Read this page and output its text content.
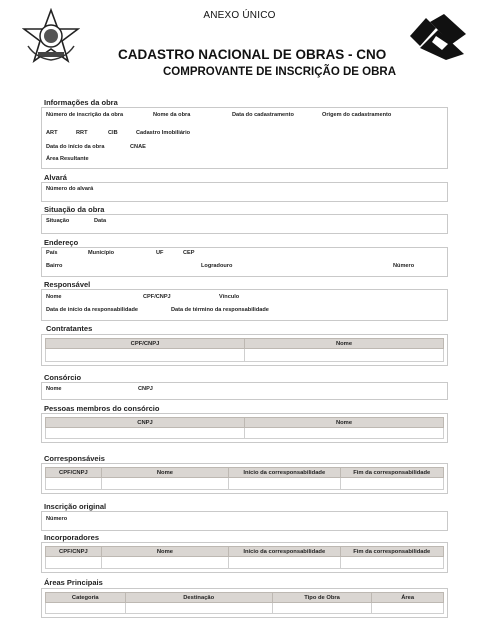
ANEXO ÚNICO
CADASTRO NACIONAL DE OBRAS - CNO
COMPROVANTE DE INSCRIÇÃO DE OBRA
Informações da obra
Número de inscrição da obra	Nome da obra	Data do cadastramento	Origem do cadastramento
ART	RRT	CIB	Cadastro Imobiliário
Data do início da obra	CNAE
Área Resultante
Alvará
Número do alvará
Situação da obra
Situação	Data
Endereço
País	Município	UF	CEP
Bairro	Logradouro	Número
Responsável
Nome	CPF/CNPJ	Vínculo
Data de início da responsabilidade	Data de término da responsabilidade
Contratantes
CPF/CNPJ	Nome

Consórcio
Nome	CNPJ
Pessoas membros do consórcio
CNPJ	Nome

Corresponsáveis
CPF/CNPJ	Nome	Início da corresponsabilidade	Fim da corresponsabilidade

Inscrição original
Número
Incorporadores
CPF/CNPJ	Nome	Início da corresponsabilidade	Fim da corresponsabilidade

Áreas Principais
Categoria	Destinação	Tipo de Obra	Área
